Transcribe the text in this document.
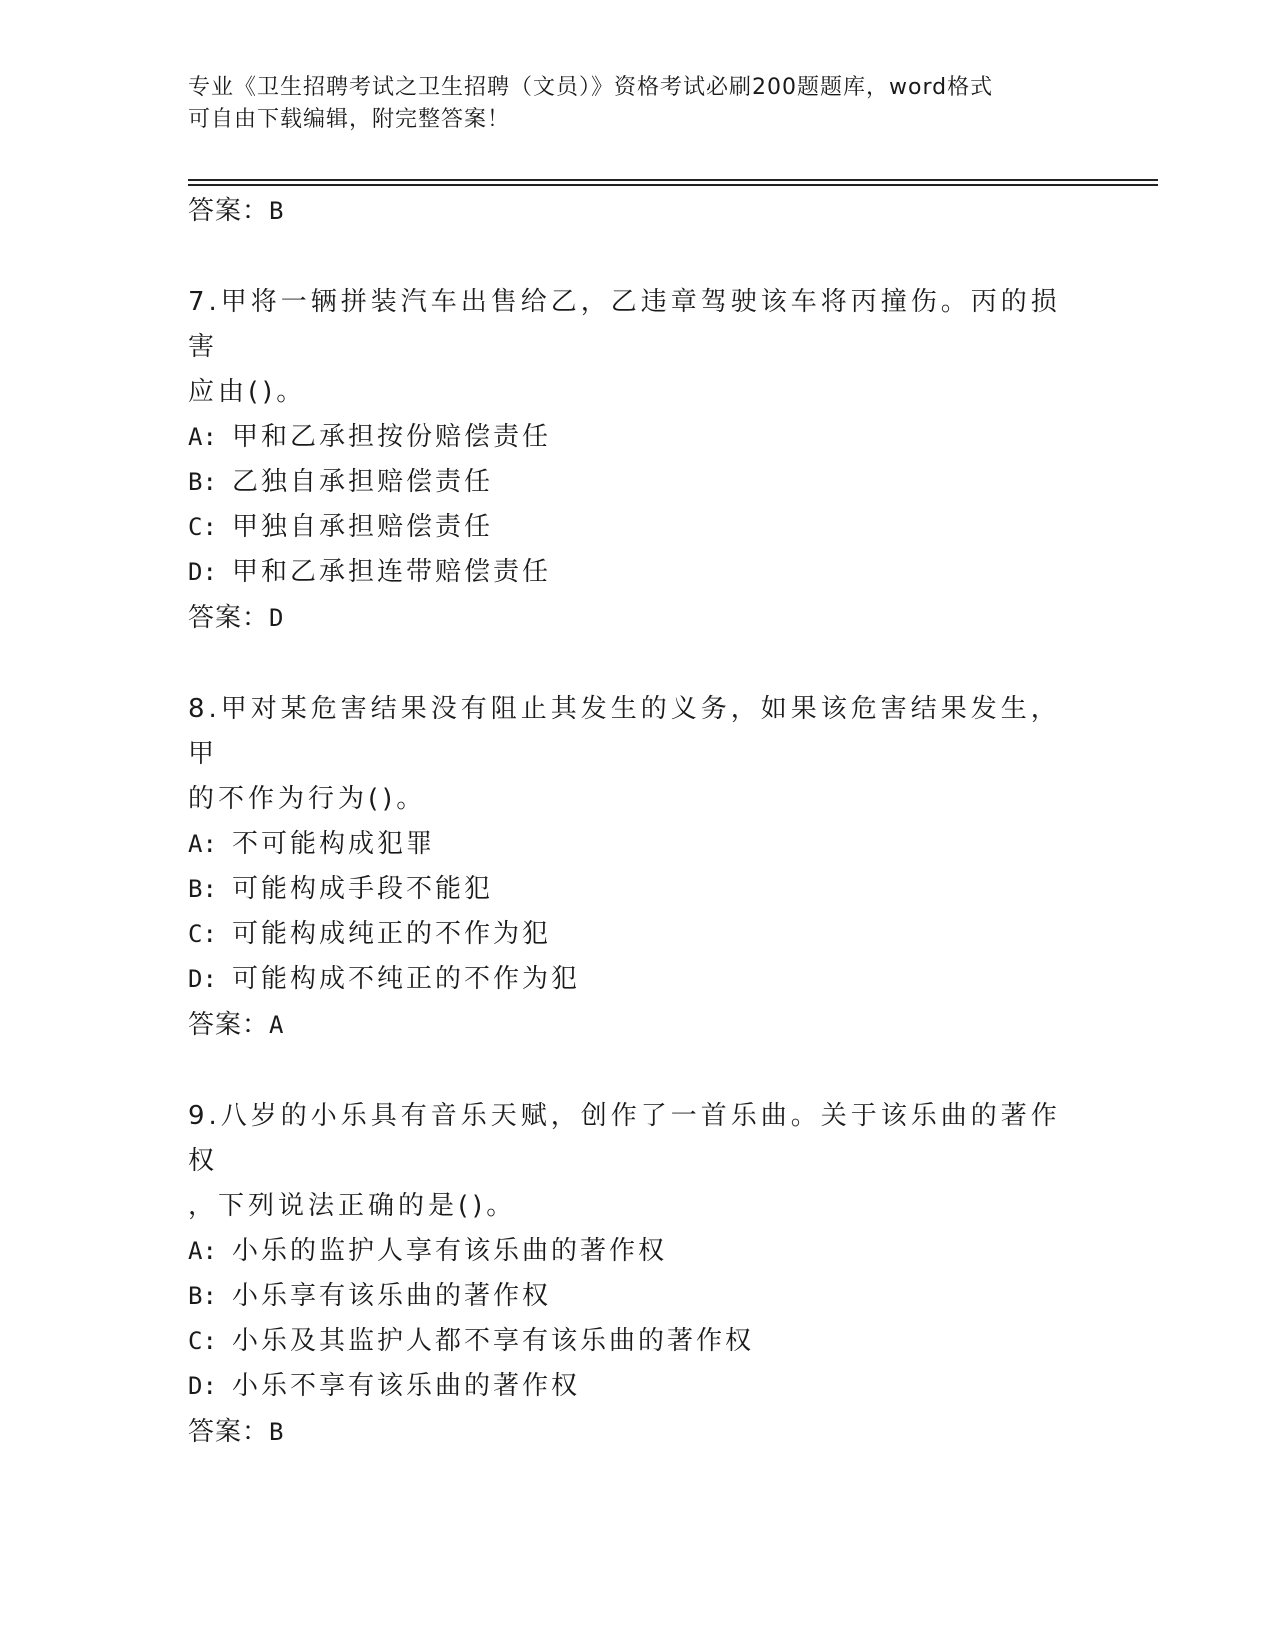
专业《卫生招聘考试之卫生招聘（文员）》资格考试必刷200题题库，word格式
可自由下载编辑，附完整答案！

答案：B

7.甲将一辆拼装汽车出售给乙，乙违章驾驶该车将丙撞伤。丙的损害

应由()。

A: 甲和乙承担按份赔偿责任

B: 乙独自承担赔偿责任

C: 甲独自承担赔偿责任

D: 甲和乙承担连带赔偿责任

答案：D

8.甲对某危害结果没有阻止其发生的义务，如果该危害结果发生，甲

的不作为行为()。

A: 不可能构成犯罪

B: 可能构成手段不能犯

C: 可能构成纯正的不作为犯

D: 可能构成不纯正的不作为犯

答案：A

9.八岁的小乐具有音乐天赋，创作了一首乐曲。关于该乐曲的著作权

，下列说法正确的是()。

A: 小乐的监护人享有该乐曲的著作权

B: 小乐享有该乐曲的著作权

C: 小乐及其监护人都不享有该乐曲的著作权

D: 小乐不享有该乐曲的著作权

答案：B
